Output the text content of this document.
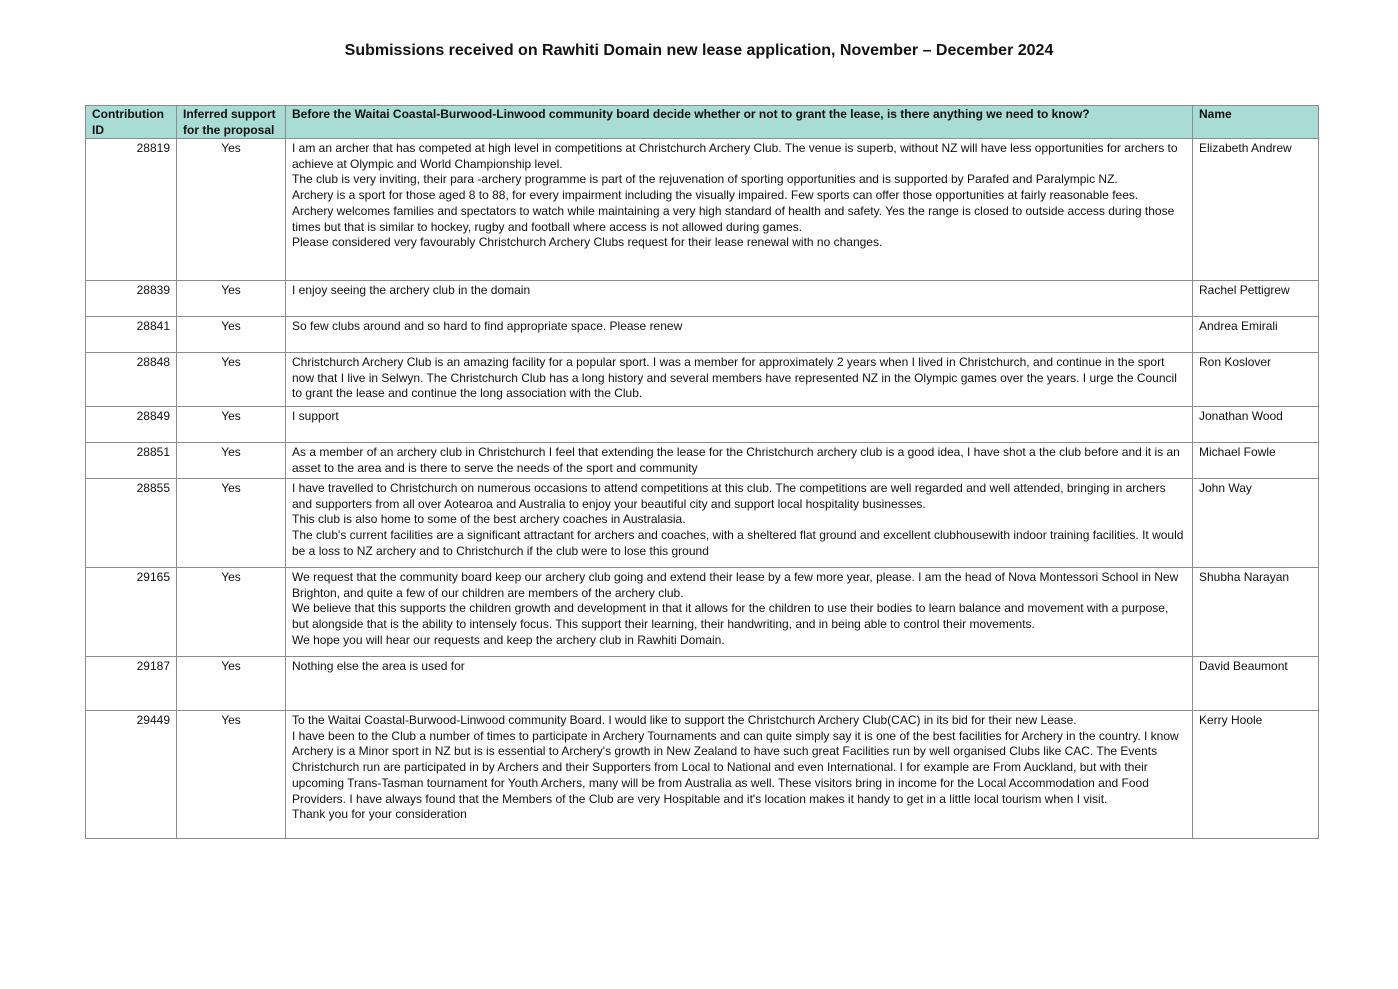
Submissions received on Rawhiti Domain new lease application, November – December 2024
Contribution ID	Inferred support for the proposal	Before the Waitai Coastal-Burwood-Linwood community board decide whether or not to grant the lease, is there anything we need to know?	Name
28819	Yes	I am an archer that has competed at high level in competitions at Christchurch Archery Club. The venue is superb, without NZ will have less opportunities for archers to achieve at Olympic and World Championship level.
The club is very inviting, their para -archery programme is part of the rejuvenation of sporting opportunities and is supported by Parafed and Paralympic NZ.
Archery is a sport for those aged 8 to 88, for every impairment including the visually impaired. Few sports can offer those opportunities at fairly reasonable fees.
Archery welcomes families and spectators to watch while maintaining a very high standard of health and safety. Yes the range is closed to outside access during those times but that is similar to hockey, rugby and football where access is not allowed during games.
Please considered very favourably Christchurch Archery Clubs request for their lease renewal with no changes.	Elizabeth Andrew
28839	Yes	I enjoy seeing the archery club in the domain	Rachel Pettigrew
28841	Yes	So few clubs around and so hard to find appropriate space. Please renew	Andrea Emirali
28848	Yes	Christchurch Archery Club is an amazing facility for a popular sport. I was a member for approximately 2 years when I lived in Christchurch, and continue in the sport now that I live in Selwyn. The Christchurch Club has a long history and several members have represented NZ in the Olympic games over the years. I urge the Council to grant the lease and continue the long association with the Club.	Ron Koslover
28849	Yes	I support	Jonathan Wood
28851	Yes	As a member of an archery club in Christchurch I feel that extending the lease for the Christchurch archery club is a good idea, I have shot a the club before and it is an asset to the area and is there to serve the needs of the sport and community	Michael Fowle
28855	Yes	I have travelled to Christchurch on numerous occasions to attend competitions at this club. The competitions are well regarded and well attended, bringing in archers and supporters from all over Aotearoa and Australia to enjoy your beautiful city and support local hospitality businesses.
This club is also home to some of the best archery coaches in Australasia.
The club's current facilities are a significant attractant for archers and coaches, with a sheltered flat ground and excellent clubhousewith indoor training facilities. It would be a loss to NZ archery and to Christchurch if the club were to lose this ground	John Way
29165	Yes	We request that the community board keep our archery club going and extend their lease by a few more year, please. I am the head of Nova Montessori School in New Brighton, and quite a few of our children are members of the archery club.
We believe that this supports the children growth and development in that it allows for the children to use their bodies to learn balance and movement with a purpose, but alongside that is the ability to intensely focus. This support their learning, their handwriting, and in being able to control their movements.
We hope you will hear our requests and keep the archery club in Rawhiti Domain.	Shubha Narayan
29187	Yes	Nothing else the area is used for	David Beaumont
29449	Yes	To the Waitai Coastal-Burwood-Linwood community Board. I would like to support the Christchurch Archery Club(CAC) in its bid for their new Lease.
I have been to the Club a number of times to participate in Archery Tournaments and can quite simply say it is one of the best facilities for Archery in the country. I know Archery is a Minor sport in NZ but is is essential to Archery's growth in New Zealand to have such great Facilities run by well organised Clubs like CAC. The Events Christchurch run are participated in by Archers and their Supporters from Local to National and even International. I for example are From Auckland, but with their upcoming Trans-Tasman tournament for Youth Archers, many will be from Australia as well. These visitors bring in income for the Local Accommodation and Food Providers. I have always found that the Members of the Club are very Hospitable and it's location makes it handy to get in a little local tourism when I visit.
Thank you for your consideration	Kerry Hoole
